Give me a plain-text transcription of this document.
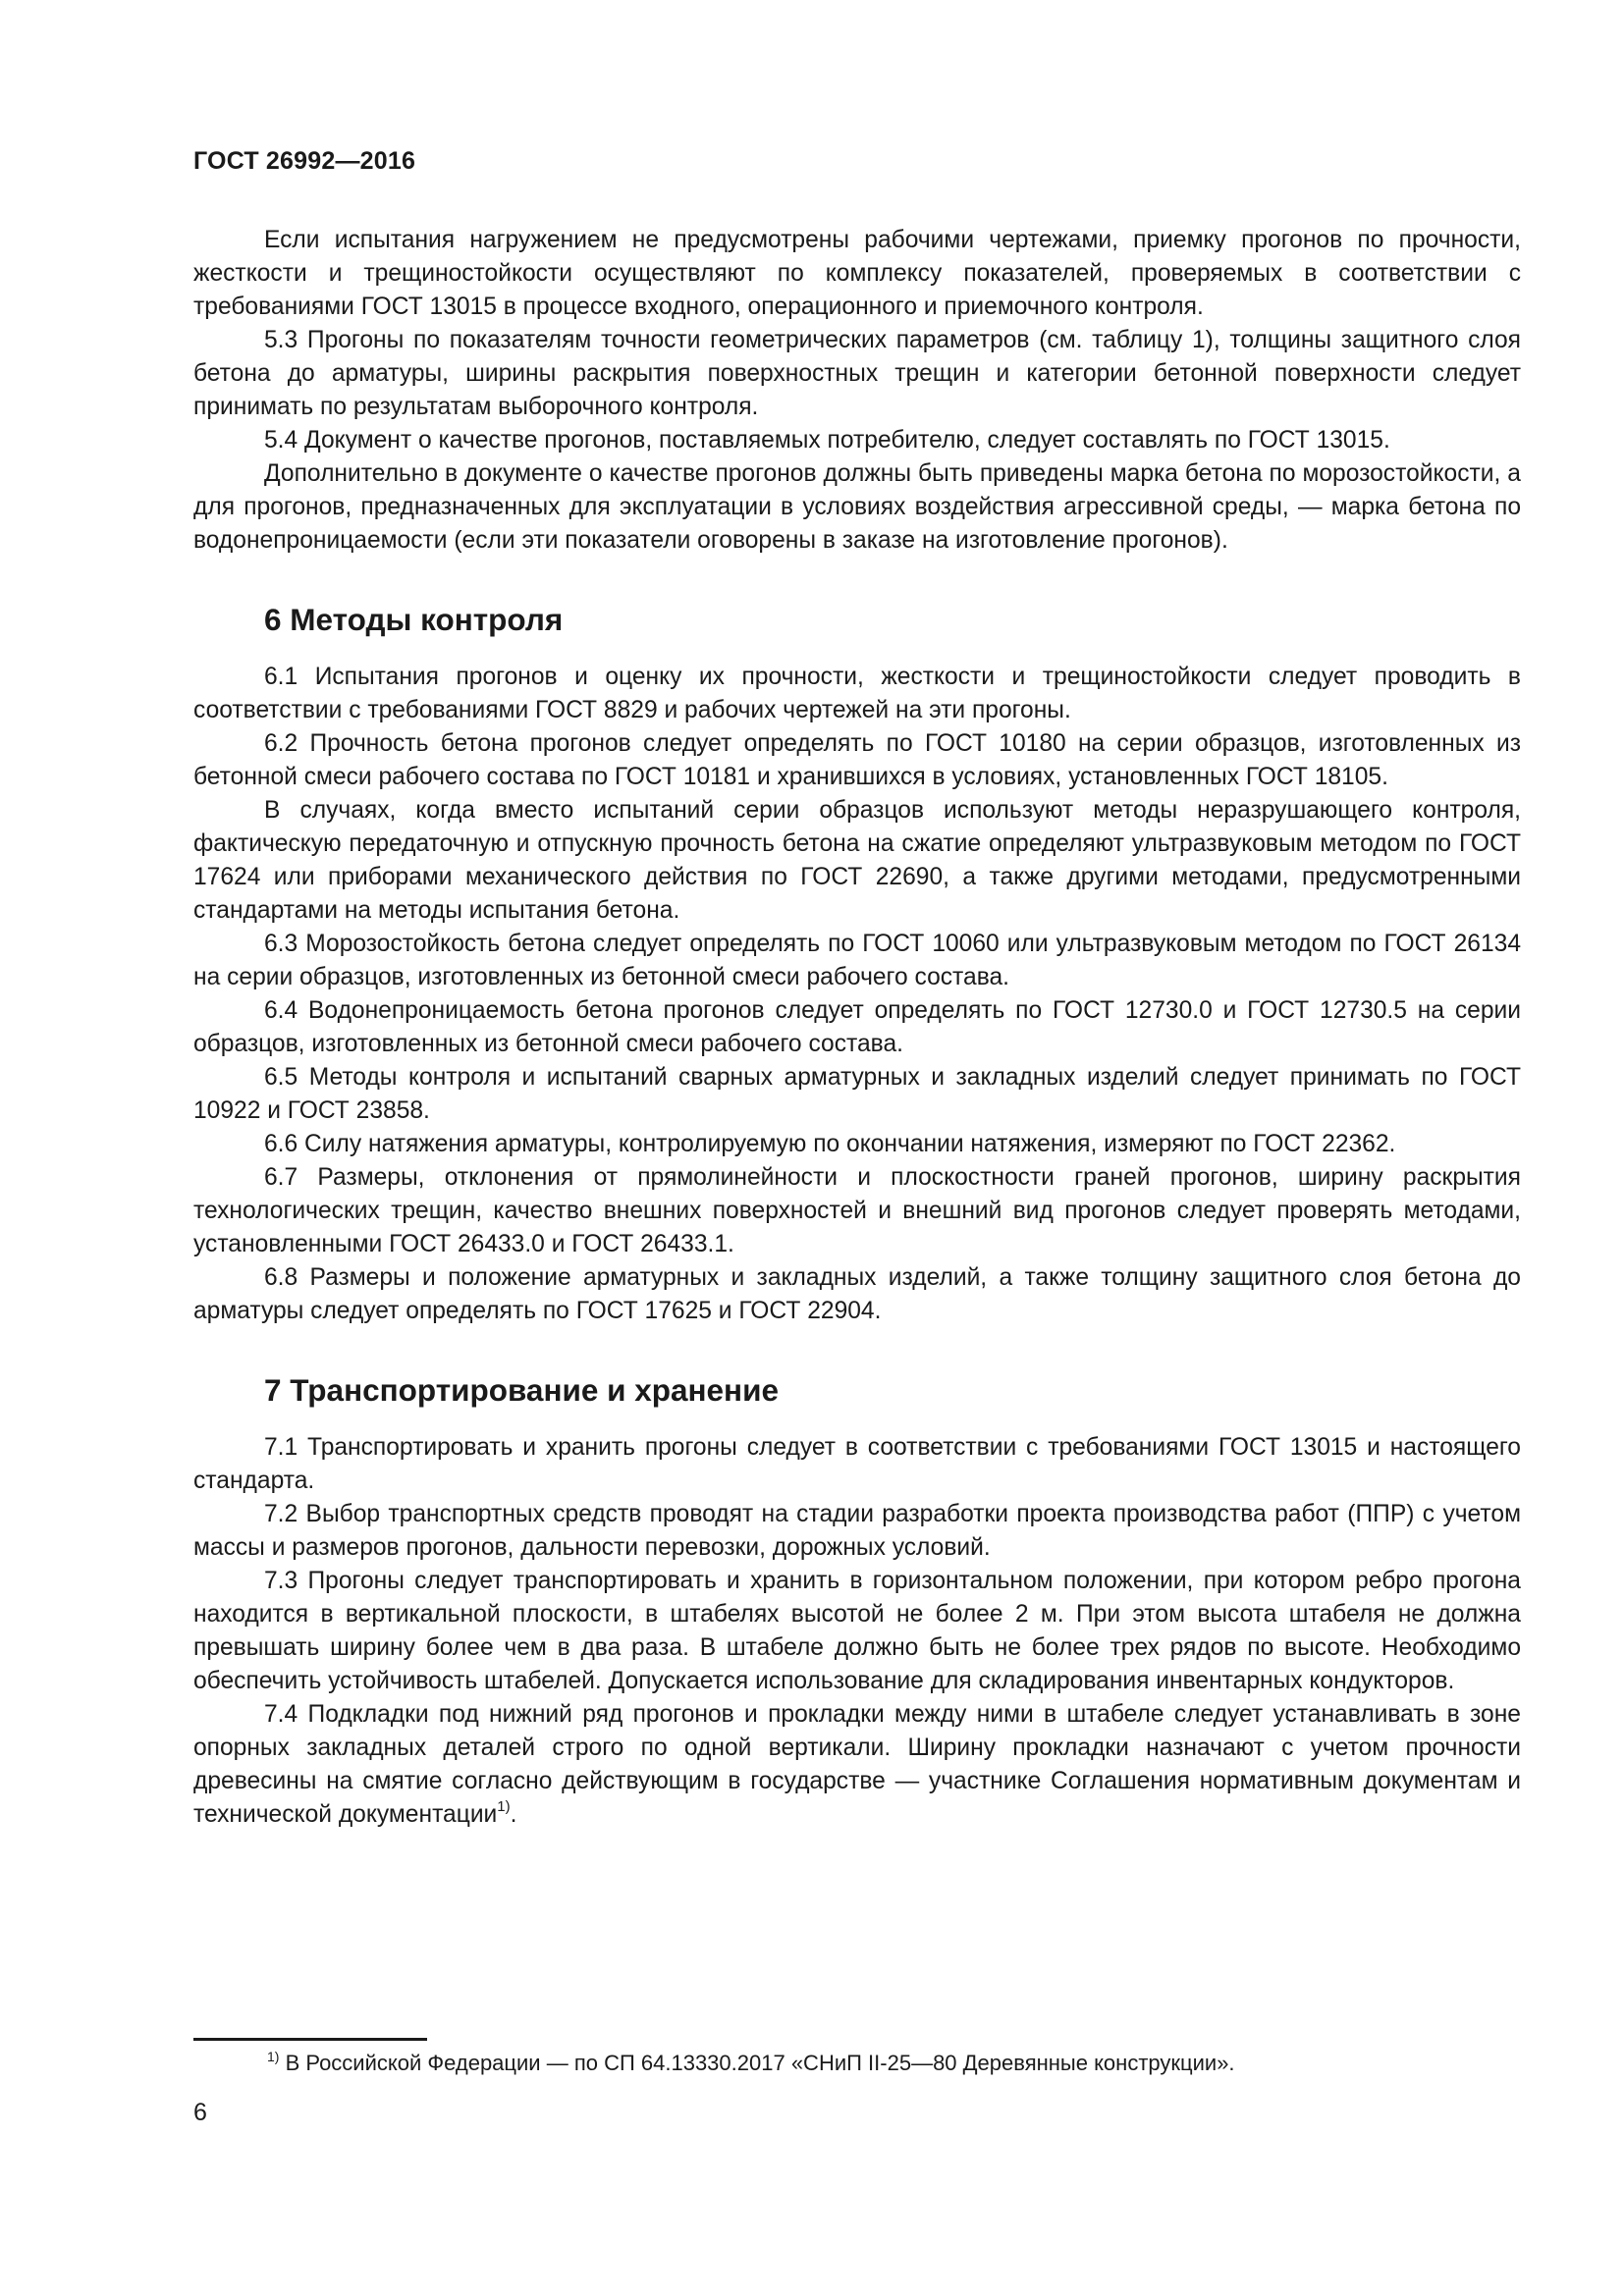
ГОСТ 26992—2016

Если испытания нагружением не предусмотрены рабочими чертежами, приемку прогонов по прочности, жесткости и трещиностойкости осуществляют по комплексу показателей, проверяемых в соответствии с требованиями ГОСТ 13015 в процессе входного, операционного и приемочного контроля.

5.3 Прогоны по показателям точности геометрических параметров (см. таблицу 1), толщины защитного слоя бетона до арматуры, ширины раскрытия поверхностных трещин и категории бетонной поверхности следует принимать по результатам выборочного контроля.

5.4 Документ о качестве прогонов, поставляемых потребителю, следует составлять по ГОСТ 13015.

Дополнительно в документе о качестве прогонов должны быть приведены марка бетона по морозостойкости, а для прогонов, предназначенных для эксплуатации в условиях воздействия агрессивной среды, — марка бетона по водонепроницаемости (если эти показатели оговорены в заказе на изготовление прогонов).

6 Методы контроля

6.1 Испытания прогонов и оценку их прочности, жесткости и трещиностойкости следует проводить в соответствии с требованиями ГОСТ 8829 и рабочих чертежей на эти прогоны.

6.2 Прочность бетона прогонов следует определять по ГОСТ 10180 на серии образцов, изготовленных из бетонной смеси рабочего состава по ГОСТ 10181 и хранившихся в условиях, установленных ГОСТ 18105.

В случаях, когда вместо испытаний серии образцов используют методы неразрушающего контроля, фактическую передаточную и отпускную прочность бетона на сжатие определяют ультразвуковым методом по ГОСТ 17624 или приборами механического действия по ГОСТ 22690, а также другими методами, предусмотренными стандартами на методы испытания бетона.

6.3 Морозостойкость бетона следует определять по ГОСТ 10060 или ультразвуковым методом по ГОСТ 26134 на серии образцов, изготовленных из бетонной смеси рабочего состава.

6.4 Водонепроницаемость бетона прогонов следует определять по ГОСТ 12730.0 и ГОСТ 12730.5 на серии образцов, изготовленных из бетонной смеси рабочего состава.

6.5 Методы контроля и испытаний сварных арматурных и закладных изделий следует принимать по ГОСТ 10922 и ГОСТ 23858.

6.6 Силу натяжения арматуры, контролируемую по окончании натяжения, измеряют по ГОСТ 22362.

6.7 Размеры, отклонения от прямолинейности и плоскостности граней прогонов, ширину раскрытия технологических трещин, качество внешних поверхностей и внешний вид прогонов следует проверять методами, установленными ГОСТ 26433.0 и ГОСТ 26433.1.

6.8 Размеры и положение арматурных и закладных изделий, а также толщину защитного слоя бетона до арматуры следует определять по ГОСТ 17625 и ГОСТ 22904.

7 Транспортирование и хранение

7.1 Транспортировать и хранить прогоны следует в соответствии с требованиями ГОСТ 13015 и настоящего стандарта.

7.2 Выбор транспортных средств проводят на стадии разработки проекта производства работ (ППР) с учетом массы и размеров прогонов, дальности перевозки, дорожных условий.

7.3 Прогоны следует транспортировать и хранить в горизонтальном положении, при котором ребро прогона находится в вертикальной плоскости, в штабелях высотой не более 2 м. При этом высота штабеля не должна превышать ширину более чем в два раза. В штабеле должно быть не более трех рядов по высоте. Необходимо обеспечить устойчивость штабелей. Допускается использование для складирования инвентарных кондукторов.

7.4 Подкладки под нижний ряд прогонов и прокладки между ними в штабеле следует устанавливать в зоне опорных закладных деталей строго по одной вертикали. Ширину прокладки назначают с учетом прочности древесины на смятие согласно действующим в государстве — участнике Соглашения нормативным документам и технической документации$^{1)}$.

$^{1)}$ В Российской Федерации — по СП 64.13330.2017 «СНиП II-25—80 Деревянные конструкции».
6
